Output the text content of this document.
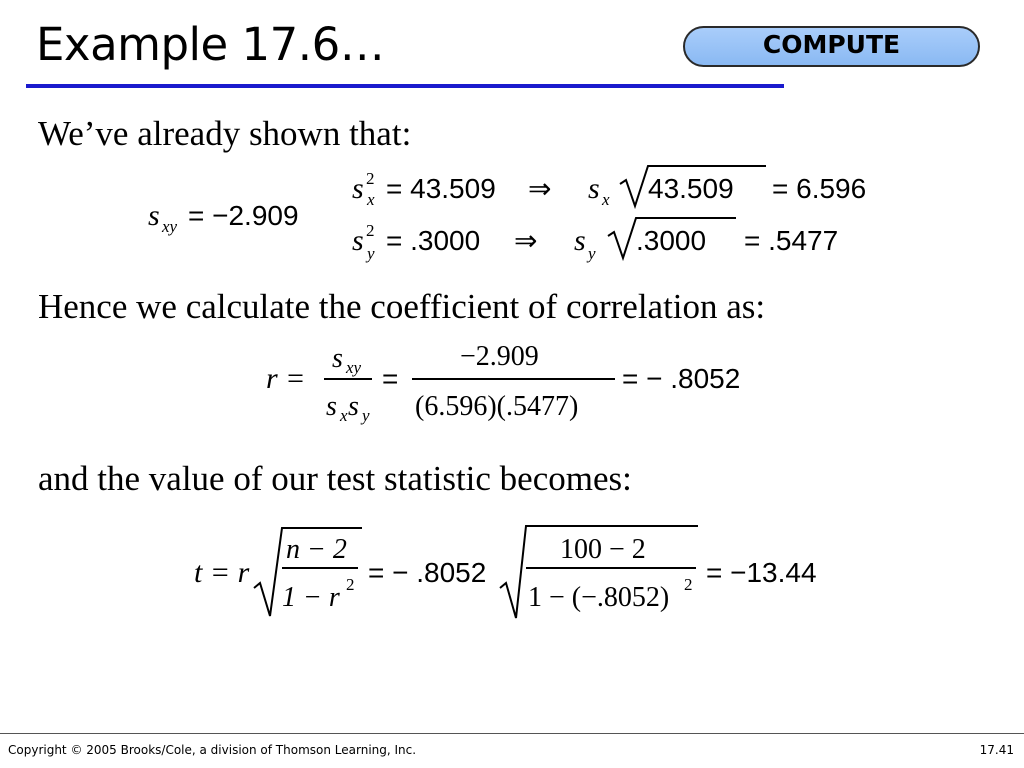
Example 17.6…	COMPUTE
We’ve already shown that:
s xy = −2.909
s 2
x = 43.509 ⇒ s x 43.509 = 6.596
s 2
y = .3000 ⇒ s y .3000 = .5477
Hence we calculate the coefficient of correlation as:
r =
s xy
s x s y
=
−2.909
(6.596)(.5477)
= − .8052
and the value of our test statistic becomes:
t = r
n − 2
1 − r 2 = − .8052
100 − 2
1 − (−.8052) 2 = −13.44
Copyright © 2005 Brooks/Cole, a division of Thomson Learning, Inc.	17.41
